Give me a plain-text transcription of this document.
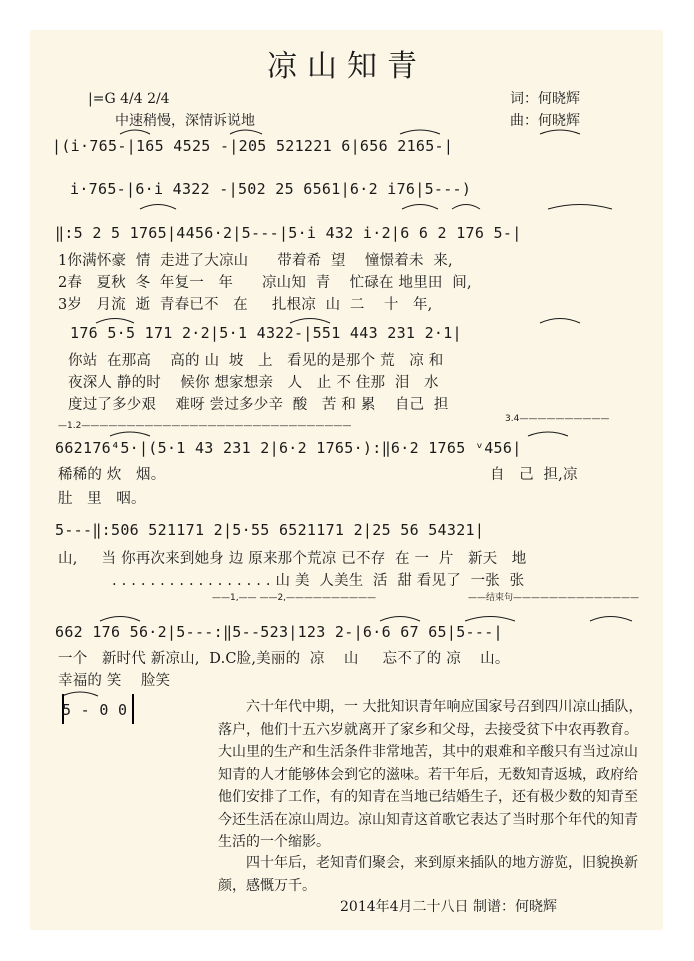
凉山知青
|=G 4/4 2/4
中速稍慢，深情诉说地
词：何晓辉
曲：何晓辉
|(i·765-|165 4525 -|205 521221 6|656 2165-|
i·765-|6·i 4322 -|502 25 6561|6·2 i76|5---)
‖:5 2 5 1765|4456·2|5---|5·i 432 i·2|6 6 2 176 5-|
1你满怀豪  情  走进了大凉山      带着希  望    憧憬着未  来,
2春   夏秋  冬  年复一   年      凉山知  青    忙碌在 地里田  间,
3岁   月流  逝  青春已不   在     扎根凉  山  二    十   年,
176 5·5 171 2·2|5·1 4322-|551 443 231 2·1|
你站  在那高    高的 山  坡   上   看见的是那个 荒   凉 和
夜深人 静的时    候你 想家想亲   人   止 不 住那  泪   水
度过了多少艰    难呀 尝过多少辛  酸   苦 和 累    自己  担
—1.2——————————————————————————————
3.4——————————
662176⁴5·|(5·1 43 231 2|6·2 1765·):‖6·2 1765 ᵛ456|
稀稀的 炊   烟。	自   己  担,凉
肚   里   咽。
5---‖:506 521171 2|5·55 6521171 2|25 56 54321|
山,     当 你再次来到她身 边 原来那个荒凉 已不存  在 一  片   新天   地
. . . . . . . . . . . . . . . . . 山 美  人美生  活  甜 看见了  一张  张
——1,—— ——2,——————————	——结束句——————————————
662 176 56·2|5---:‖5--523|123 2-|6·6 67 65|5---|
一个   新时代 新凉山,  D.C脸,美丽的  凉    山     忘不了的 凉    山。
幸福的 笑    脸笑
5 - 0 0	六十年代中期，一 大批知识青年响应国家号召到四川凉山插队，落户，他们十五六岁就离开了家乡和父母，去接受贫下中农再教育。大山里的生产和生活条件非常地苦，其中的艰难和辛酸只有当过凉山知青的人才能够体会到它的滋味。若干年后，无数知青返城，政府给他们安排了工作，有的知青在当地已结婚生子，还有极少数的知青至今还生活在凉山周边。凉山知青这首歌它表达了当时那个年代的知青生活的一个缩影。
四十年后，老知青们聚会，来到原来插队的地方游览，旧貌换新颜，感慨万千。
2014年4月二十八日 制谱：何晓辉
